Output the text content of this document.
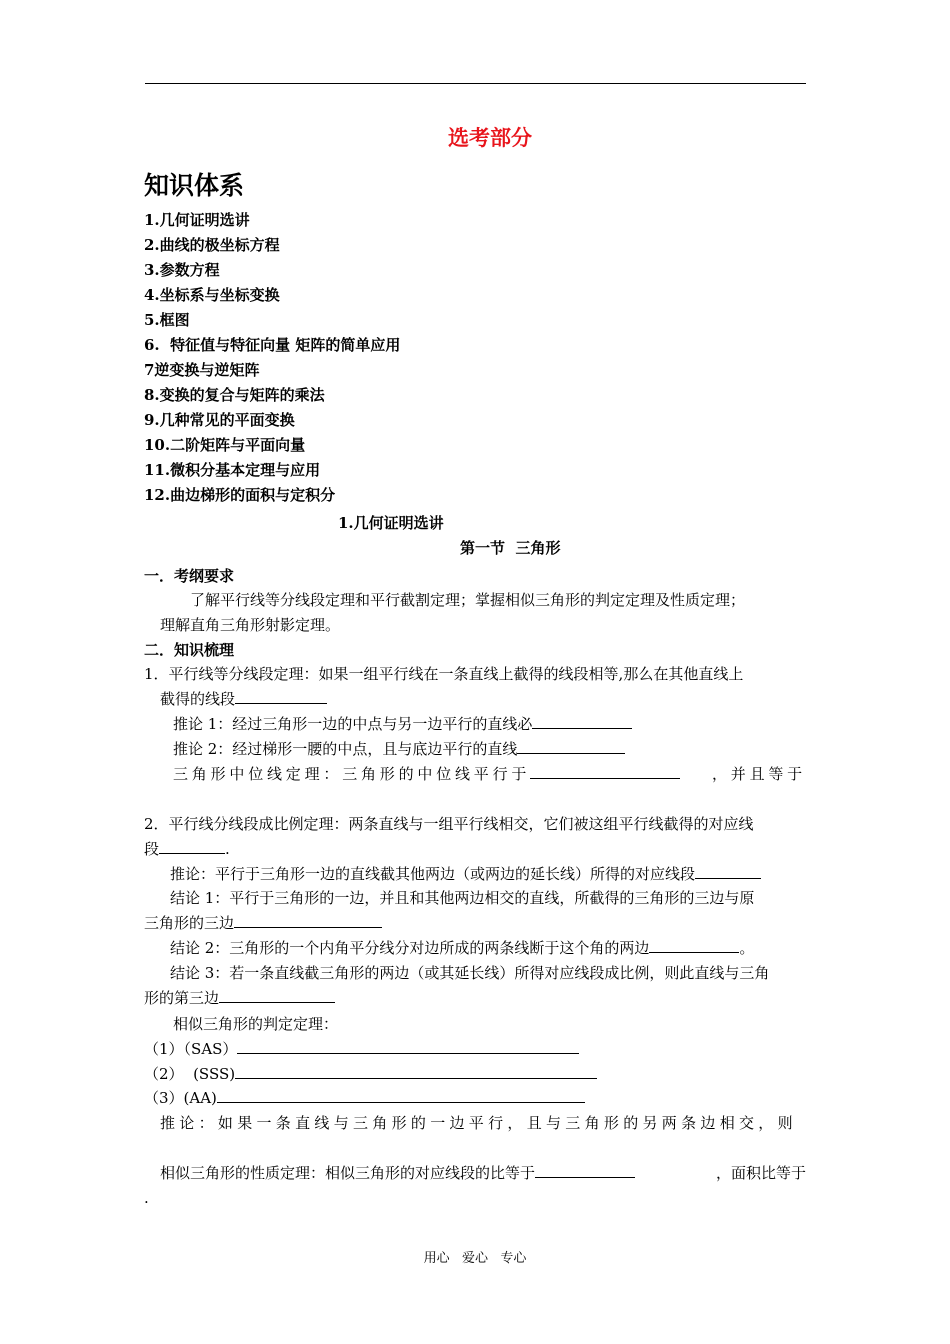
选考部分
知识体系
1.几何证明选讲
2.曲线的极坐标方程
3.参数方程
4.坐标系与坐标变换
5.框图
6.  特征值与特征向量 矩阵的简单应用
7逆变换与逆矩阵
8.变换的复合与矩阵的乘法
9.几种常见的平面变换
10.二阶矩阵与平面向量
11.微积分基本定理与应用
12.曲边梯形的面积与定积分
1.几何证明选讲
第一节  三角形
一．考纲要求
了解平行线等分线段定理和平行截割定理；掌握相似三角形的判定定理及性质定理；
理解直角三角形射影定理。
二．知识梳理
1．平行线等分线段定理：如果一组平行线在一条直线上截得的线段相等,那么在其他直线上
截得的线段
推论 1：经过三角形一边的中点与另一边平行的直线必
推论 2：经过梯形一腰的中点，且与底边平行的直线
三角形中位线定理：三角形的中位线平行于	，并且等于
2．平行线分线段成比例定理：两条直线与一组平行线相交，它们被这组平行线截得的对应线
段	.
推论：平行于三角形一边的直线截其他两边（或两边的延长线）所得的对应线段
结论 1：平行于三角形的一边，并且和其他两边相交的直线，所截得的三角形的三边与原
三角形的三边
结论 2：三角形的一个内角平分线分对边所成的两条线断于这个角的两边	。
结论 3：若一条直线截三角形的两边（或其延长线）所得对应线段成比例，则此直线与三角
形的第三边
相似三角形的判定定理：
（1）（SAS）
（2）  (SSS)
（3）(AA)
推论：如果一条直线与三角形的一边平行，且与三角形的另两条边相交，则
相似三角形的性质定理：相似三角形的对应线段的比等于	，面积比等于
.
用心   爱心   专心
